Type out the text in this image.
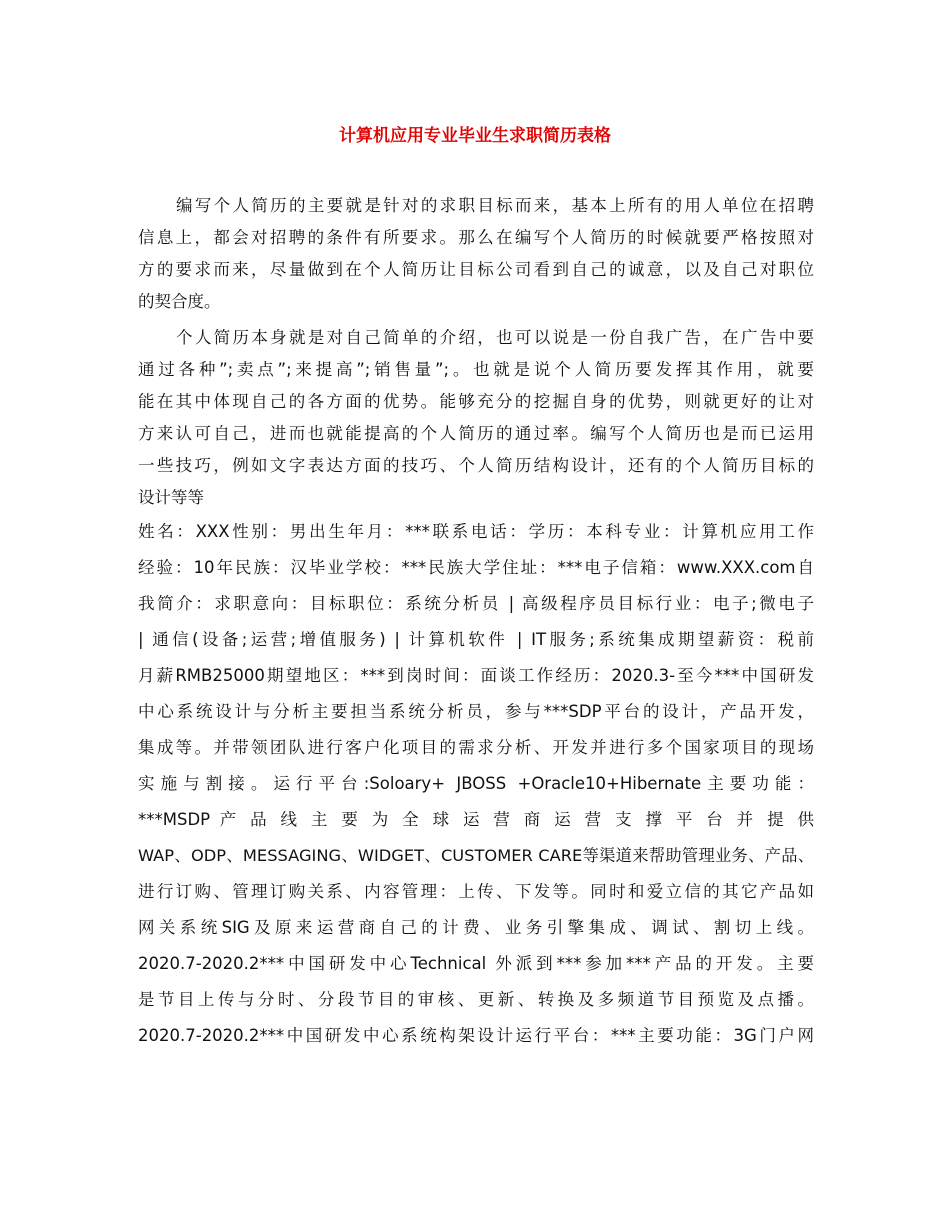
计算机应用专业毕业生求职简历表格

编写个人简历的主要就是针对的求职目标而来，基本上所有的用人单位在招聘

信息上，都会对招聘的条件有所要求。那么在编写个人简历的时候就要严格按照对

方的要求而来，尽量做到在个人简历让目标公司看到自己的诚意，以及自己对职位

的契合度。

个人简历本身就是对自己简单的介绍，也可以说是一份自我广告，在广告中要

通过各种”;卖点”;来提高”;销售量”;。也就是说个人简历要发挥其作用，就要

能在其中体现自己的各方面的优势。能够充分的挖掘自身的优势，则就更好的让对

方来认可自己，进而也就能提高的个人简历的通过率。编写个人简历也是而已运用

一些技巧，例如文字表达方面的技巧、个人简历结构设计，还有的个人简历目标的

设计等等

姓名：XXX性别：男出生年月：***联系电话：学历：本科专业：计算机应用工作

经验：10年民族：汉毕业学校：***民族大学住址：***电子信箱：www.XXX.com自

我简介：求职意向：目标职位：系统分析员 | 高级程序员目标行业：电子;微电子

| 通信(设备;运营;增值服务) | 计算机软件 | IT服务;系统集成期望薪资：税前

月薪RMB25000期望地区：***到岗时间：面谈工作经历：2020.3-至今***中国研发

中心系统设计与分析主要担当系统分析员，参与***SDP平台的设计，产品开发，

集成等。并带领团队进行客户化项目的需求分析、开发并进行多个国家项目的现场

实施与割接。运行平台:Soloary+ JBOSS +Oracle10+Hibernate主要功能：

***MSDP 产 品 线 主 要 为 全 球 运 营 商 运 营 支 撑 平 台 并 提 供

WAP、ODP、MESSAGING、WIDGET、CUSTOMER CARE等渠道来帮助管理业务、产品、

进行订购、管理订购关系、内容管理：上传、下发等。同时和爱立信的其它产品如

网关系统SIG及原来运营商自己的计费、业务引擎集成、调试、割切上线。

2020.7-2020.2***中国研发中心Technical 外派到***参加***产品的开发。主要

是节目上传与分时、分段节目的审核、更新、转换及多频道节目预览及点播。

2020.7-2020.2***中国研发中心系统构架设计运行平台：***主要功能：3G门户网
